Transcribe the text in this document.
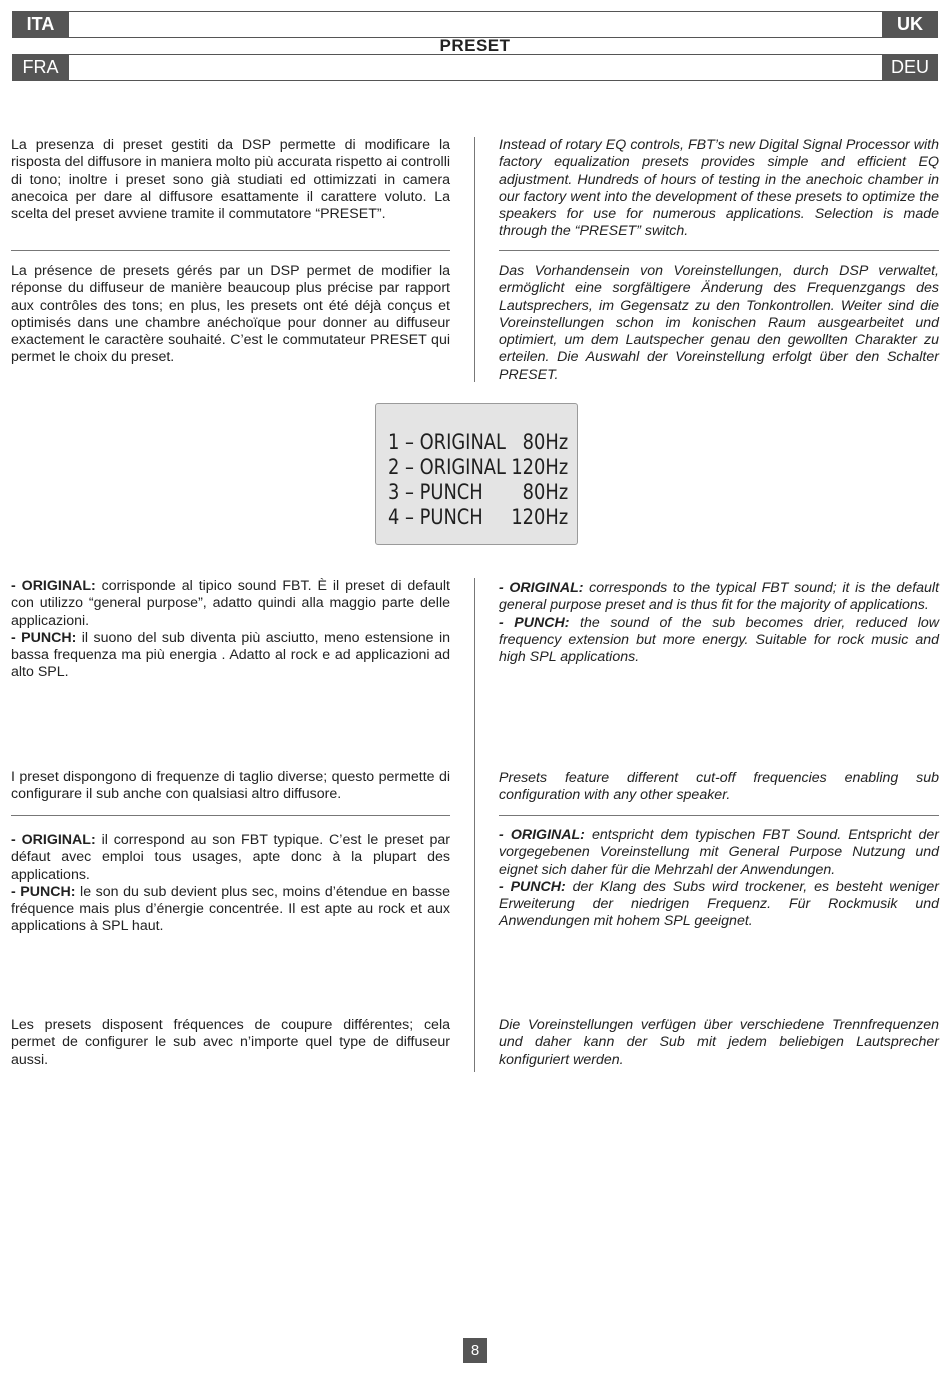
ITA	UK
PRESET
FRA	DEU

La presenza di preset gestiti da DSP permette di modificare la risposta del diffusore in maniera molto più accurata rispetto ai controlli di tono; inoltre i preset sono già studiati ed ottimizzati in camera anecoica per dare al diffusore esattamente il carattere voluto. La scelta del preset avviene tramite il commutatore “PRESET”.

La présence de presets gérés par un DSP permet de modifier la réponse du diffuseur de manière beaucoup plus précise par rapport aux contrôles des tons; en plus, les presets ont été déjà conçus et optimisés dans une chambre anéchoïque pour donner au diffuseur exactement le caractère souhaité. C’est le commutateur PRESET qui permet le choix du preset.

Instead of rotary EQ controls, FBT’s new Digital Signal Processor with factory equalization presets provides simple and efficient EQ adjustment. Hundreds of hours of testing in the anechoic chamber in our factory went into the development of these presets to optimize the speakers for use for numerous applications. Selection is made through the “PRESET” switch.

Das Vorhandensein von Voreinstellungen, durch DSP verwaltet, ermöglicht eine sorgfältigere Änderung des Frequenzgangs des Lautsprechers, im Gegensatz zu den Tonkontrollen. Weiter sind die Voreinstellungen schon im konischen Raum ausgearbeitet und optimiert, um dem Lautspecher genau den gewollten Charakter zu erteilen. Die Auswahl der Voreinstellung erfolgt über den Schalter PRESET.

1 – ORIGINAL 80Hz
2 – ORIGINAL 120Hz
3 – PUNCH 80Hz
4 – PUNCH 120Hz

- ORIGINAL: corrisponde al tipico sound FBT. È il preset di default con utilizzo “general purpose”, adatto quindi alla maggio parte delle applicazioni.

- PUNCH: il suono del sub diventa più asciutto, meno estensione in bassa frequenza ma più energia . Adatto al rock e ad applicazioni ad alto SPL.

I preset dispongono di frequenze di taglio diverse; questo permette di configurare il sub anche con qualsiasi altro diffusore.

- ORIGINAL: corresponds to the typical FBT sound; it is the default general purpose preset and is thus fit for the majority of applications.

- PUNCH: the sound of the sub becomes drier, reduced low frequency extension but more energy. Suitable for rock music and high SPL applications.

Presets feature different cut-off frequencies enabling sub configuration with any other speaker.

- ORIGINAL: il correspond au son FBT typique. C’est le preset par défaut avec emploi tous usages, apte donc à la plupart des applications.

- PUNCH: le son du sub devient plus sec, moins d’étendue en basse fréquence mais plus d’énergie concentrée. Il est apte au rock et aux applications à SPL haut.

Les presets disposent fréquences de coupure différentes; cela permet de configurer le sub avec n’importe quel type de diffuseur aussi.

- ORIGINAL: entspricht dem typischen FBT Sound. Entspricht der vorgegebenen Voreinstellung mit General Purpose Nutzung und eignet sich daher für die Mehrzahl der Anwendungen.

- PUNCH: der Klang des Subs wird trockener, es besteht weniger Erweiterung der niedrigen Frequenz. Für Rockmusik und Anwendungen mit hohem SPL geeignet.

Die Voreinstellungen verfügen über verschiedene Trennfrequenzen und daher kann der Sub mit jedem beliebigen Lautsprecher konfiguriert werden.

8
